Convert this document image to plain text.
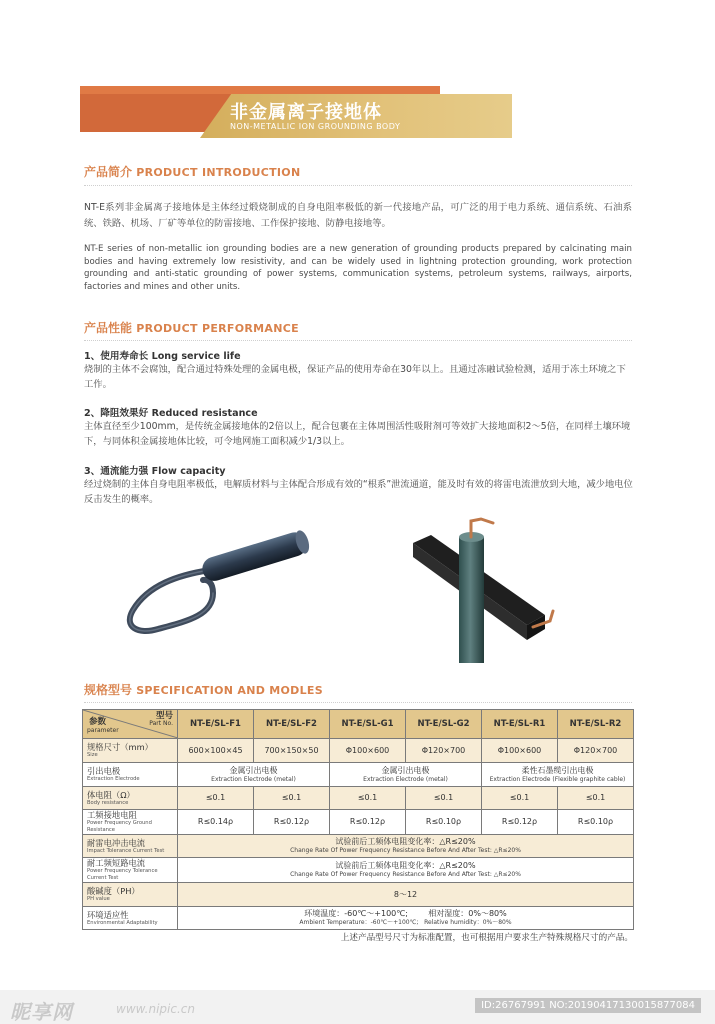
非金属离子接地体
NON-METALLIC ION GROUNDING BODY
产品简介 PRODUCT INTRODUCTION
NT-E系列非金属离子接地体是主体经过煅烧制成的自身电阻率极低的新一代接地产品，可广泛的用于电力系统、通信系统、石油系统、铁路、机场、厂矿等单位的防雷接地、工作保护接地、防静电接地等。
NT-E series of non-metallic ion grounding bodies are a new generation of grounding products prepared by calcinating main bodies and having extremely low resistivity, and can be widely used in lightning protection grounding, work protection grounding and anti-static grounding of power systems, communication systems, petroleum systems, railways, airports, factories and mines and other units.
产品性能 PRODUCT PERFORMANCE
1、使用寿命长 Long service life
烧制的主体不会腐蚀，配合通过特殊处理的金属电极，保证产品的使用寿命在30年以上。且通过冻融试验检测，适用于冻土环境之下工作。
2、降阻效果好 Reduced resistance
主体直径至少100mm，是传统金属接地体的2倍以上，配合包裹在主体周围活性吸附剂可等效扩大接地面积2～5倍，在同样土壤环境下，与同体积金属接地体比较，可令地网施工面积减少1/3以上。
3、通流能力强 Flow capacity
经过烧制的主体自身电阻率极低，电解质材料与主体配合形成有效的“根系”泄流通道，能及时有效的将雷电流泄放到大地，减少地电位反击发生的概率。
规格型号 SPECIFICATION AND MODLES
型号
Part No.
参数
parameter	NT-E/SL-F1	NT-E/SL-F2	NT-E/SL-G1	NT-E/SL-G2	NT-E/SL-R1	NT-E/SL-R2

规格尺寸（mm）
Size	600×100×45	700×150×50	Φ100×600	Φ120×700	Φ100×600	Φ120×700

引出电极
Extraction Electrode	金属引出电极
Extraction Electrode (metal)		金属引出电极
Extraction Electrode (metal)		柔性石墨缆引出电极
Extraction Electrode (Flexible graphite cable)	

体电阻（Ω）
Body resistance	≤0.1	≤0.1	≤0.1	≤0.1	≤0.1	≤0.1

工频接地电阻
Power Frequency Ground Resistance	R≤0.14ρ	R≤0.12ρ	R≤0.12ρ	R≤0.10ρ	R≤0.12ρ	R≤0.10ρ

耐雷电冲击电流
Impact Tolerance Current Test	试验前后工频体电阻变化率：△R≤20%
Change Rate Of Power Frequency Resistance Before And After Test: △R≤20%					

耐工频短路电流
Power Frequency Tolerance Current Test	试验前后工频体电阻变化率：△R≤20%
Change Rate Of Power Frequency Resistance Before And After Test: △R≤20%					

酸碱度（PH）
PH value	8～12					

环境适应性
Environmental Adaptability	环境温度：-60℃～+100℃;        相对湿度：0%～80%
Ambient Temperature：-60℃～+100℃;   Relative humidity：0%～80%					
上述产品型号尺寸为标准配置，也可根据用户要求生产特殊规格尺寸的产品。
昵享网	www.nipic.cn	ID:26767991 NO:20190417130015877084
